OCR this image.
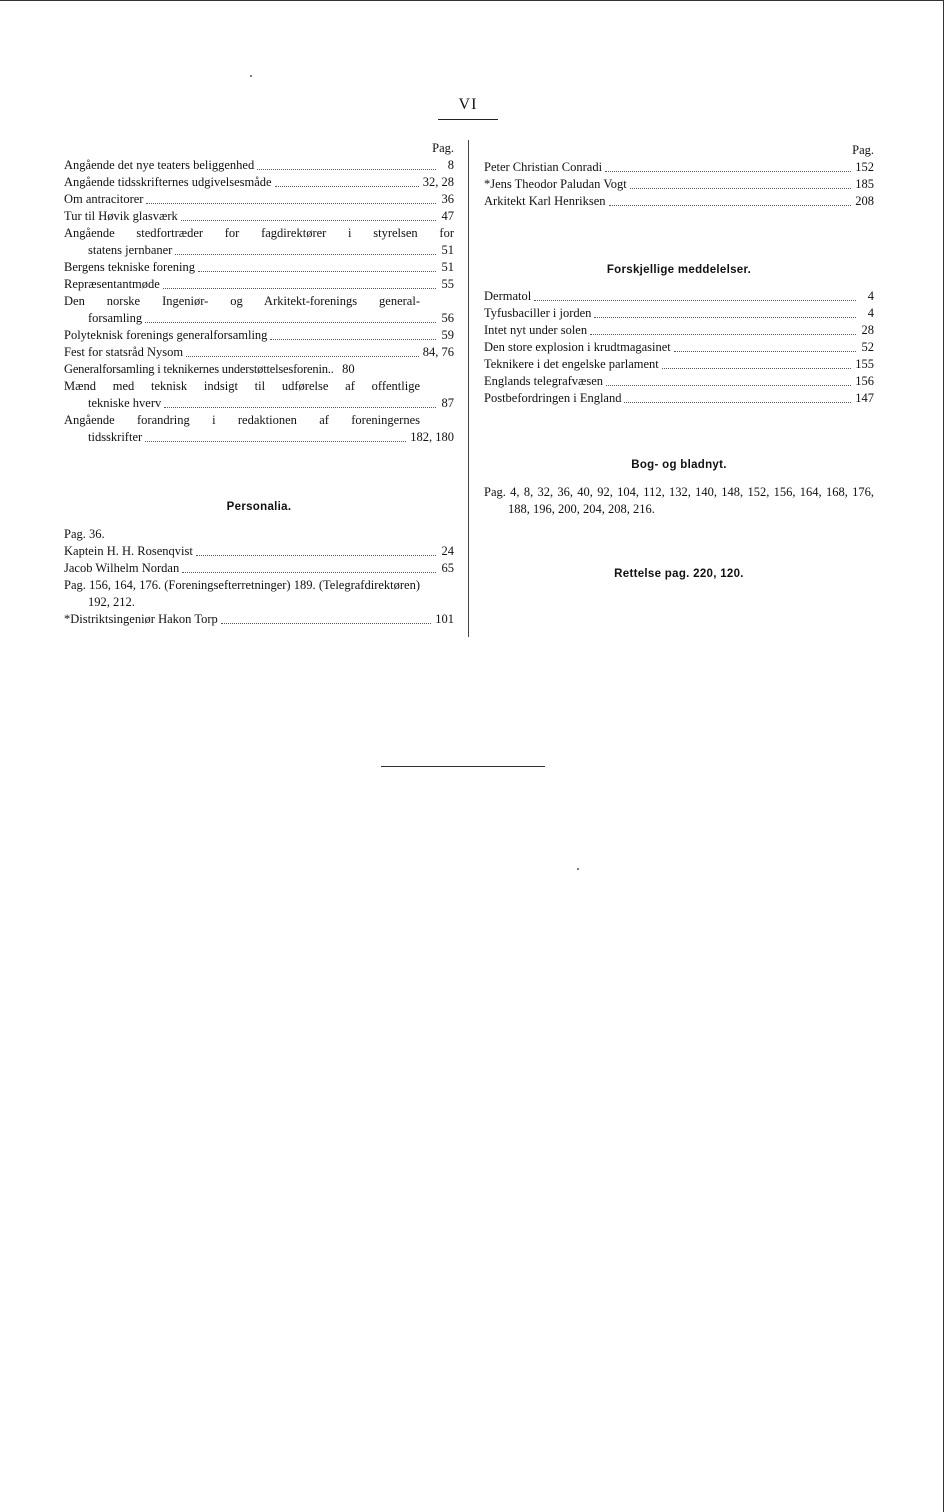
VI
Pag.
Angående det nye teaters beliggenhed	8
Angående tidsskrifternes udgivelsesmåde	32, 28
Om antracitorer	36
Tur til Høvik glasværk	47
Angående stedfortræder for fagdirektører i styrelsen for
statens jernbaner	51
Bergens tekniske forening	51
Repræsentantmøde	55
Den norske Ingeniør- og Arkitekt-forenings general-
forsamling	56
Polyteknisk forenings generalforsamling	59
Fest for statsråd Nysom	84, 76
Generalforsamling i teknikernes understøttelsesforenin.. 80
Mænd med teknisk indsigt til udførelse af offentlige
tekniske hverv	87
Angående forandring i redaktionen af foreningernes
tidsskrifter	182, 180
Personalia.
Pag. 36.
Kaptein H. H. Rosenqvist	24
Jacob Wilhelm Nordan	65
Pag. 156, 164, 176. (Foreningsefterretninger) 189. (Telegrafdirektøren) 192, 212.
*Distriktsingeniør Hakon Torp	101
Pag.
Peter Christian Conradi	152
*Jens Theodor Paludan Vogt	185
Arkitekt Karl Henriksen	208
Forskjellige meddelelser.
Dermatol	4
Tyfusbaciller i jorden	4
Intet nyt under solen	28
Den store explosion i krudtmagasinet	52
Teknikere i det engelske parlament	155
Englands telegrafvæsen	156
Postbefordringen i England	147
Bog- og bladnyt.
Pag. 4, 8, 32, 36, 40, 92, 104, 112, 132, 140, 148, 152, 156, 164, 168, 176, 188, 196, 200, 204, 208, 216.
Rettelse pag. 220, 120.
